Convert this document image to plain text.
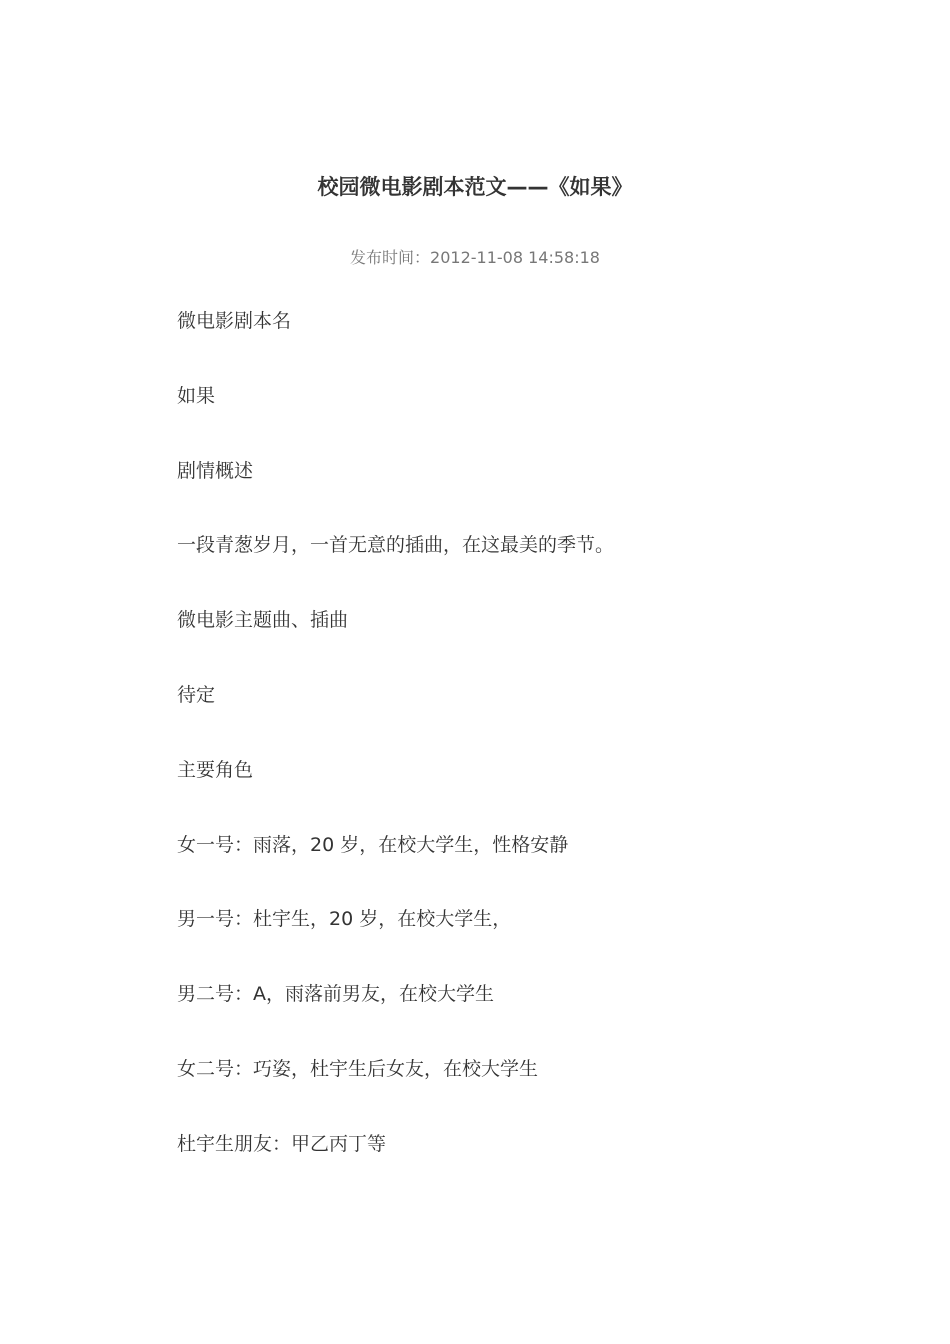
校园微电影剧本范文——《如果》
发布时间：2012-11-08 14:58:18

微电影剧本名

如果

剧情概述

一段青葱岁月，一首无意的插曲，在这最美的季节。

微电影主题曲、插曲

待定

主要角色

女一号：雨落，20 岁，在校大学生，性格安静

男一号：杜宇生，20 岁，在校大学生，

男二号：A，雨落前男友，在校大学生

女二号：巧姿，杜宇生后女友，在校大学生

杜宇生朋友：甲乙丙丁等
